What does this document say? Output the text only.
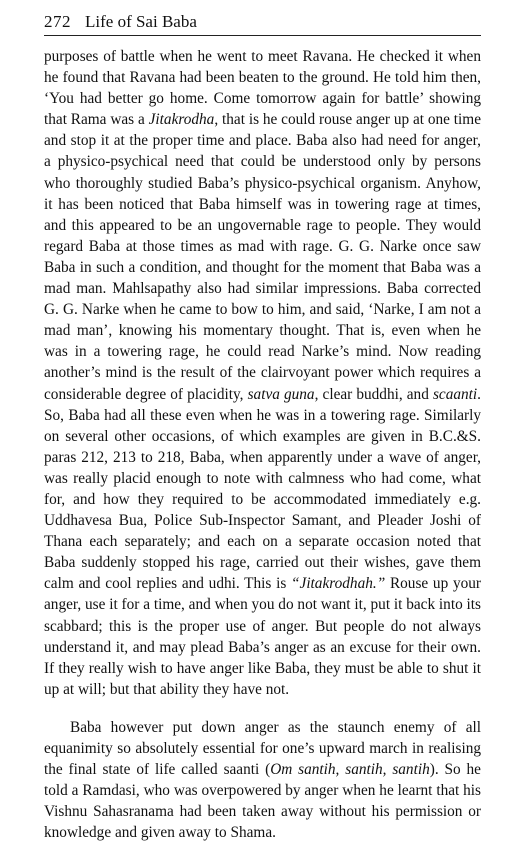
272 Life of Sai Baba

purposes of battle when he went to meet Ravana. He checked it when he found that Ravana had been beaten to the ground. He told him then, ‘You had better go home. Come tomorrow again for battle’ showing that Rama was a Jitakrodha, that is he could rouse anger up at one time and stop it at the proper time and place. Baba also had need for anger, a physico-psychical need that could be understood only by persons who thoroughly studied Baba’s physico-psychical organism. Anyhow, it has been noticed that Baba himself was in towering rage at times, and this appeared to be an ungovernable rage to people. They would regard Baba at those times as mad with rage. G. G. Narke once saw Baba in such a condition, and thought for the moment that Baba was a mad man. Mahlsapathy also had similar impressions. Baba corrected G. G. Narke when he came to bow to him, and said, ‘Narke, I am not a mad man’, knowing his momentary thought. That is, even when he was in a towering rage, he could read Narke’s mind. Now reading another’s mind is the result of the clairvoyant power which requires a considerable degree of placidity, satva guna, clear buddhi, and scaanti. So, Baba had all these even when he was in a towering rage. Similarly on several other occasions, of which examples are given in B.C.&S. paras 212, 213 to 218, Baba, when apparently under a wave of anger, was really placid enough to note with calmness who had come, what for, and how they required to be accommodated immediately e.g. Uddhavesa Bua, Police Sub-Inspector Samant, and Pleader Joshi of Thana each separately; and each on a separate occasion noted that Baba suddenly stopped his rage, carried out their wishes, gave them calm and cool replies and udhi. This is “Jitakrodhah.” Rouse up your anger, use it for a time, and when you do not want it, put it back into its scabbard; this is the proper use of anger. But people do not always understand it, and may plead Baba’s anger as an excuse for their own. If they really wish to have anger like Baba, they must be able to shut it up at will; but that ability they have not.

Baba however put down anger as the staunch enemy of all equanimity so absolutely essential for one’s upward march in realising the final state of life called saanti (Om santih, santih, santih). So he told a Ramdasi, who was overpowered by anger when he learnt that his Vishnu Sahasranama had been taken away without his permission or knowledge and given away to Shama.
